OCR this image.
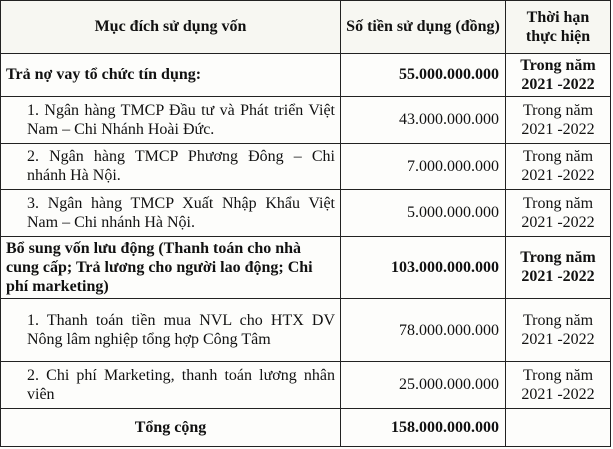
Mục đích sử dụng vốn	Số tiền sử dụng (đồng)	Thời hạn thực hiện
Trả nợ vay tổ chức tín dụng:	55.000.000.000	Trong năm 2021 -2022
1. Ngân hàng TMCP Đầu tư và Phát triển Việt Nam – Chi Nhánh Hoài Đức.	43.000.000.000	Trong năm 2021 -2022
2. Ngân hàng TMCP Phương Đông – Chi nhánh Hà Nội.	7.000.000.000	Trong năm 2021 -2022
3. Ngân hàng TMCP Xuất Nhập Khẩu Việt Nam – Chi nhánh Hà Nội.	5.000.000.000	Trong năm 2021 -2022
Bổ sung vốn lưu động (Thanh toán cho nhà cung cấp; Trả lương cho người lao động; Chi phí marketing)	103.000.000.000	Trong năm 2021 -2022
1. Thanh toán tiền mua NVL cho HTX DV Nông lâm nghiệp tổng hợp Công Tâm	78.000.000.000	Trong năm 2021 -2022
2. Chi phí Marketing, thanh toán lương nhân viên	25.000.000.000	Trong năm 2021 -2022
Tổng cộng	158.000.000.000	
